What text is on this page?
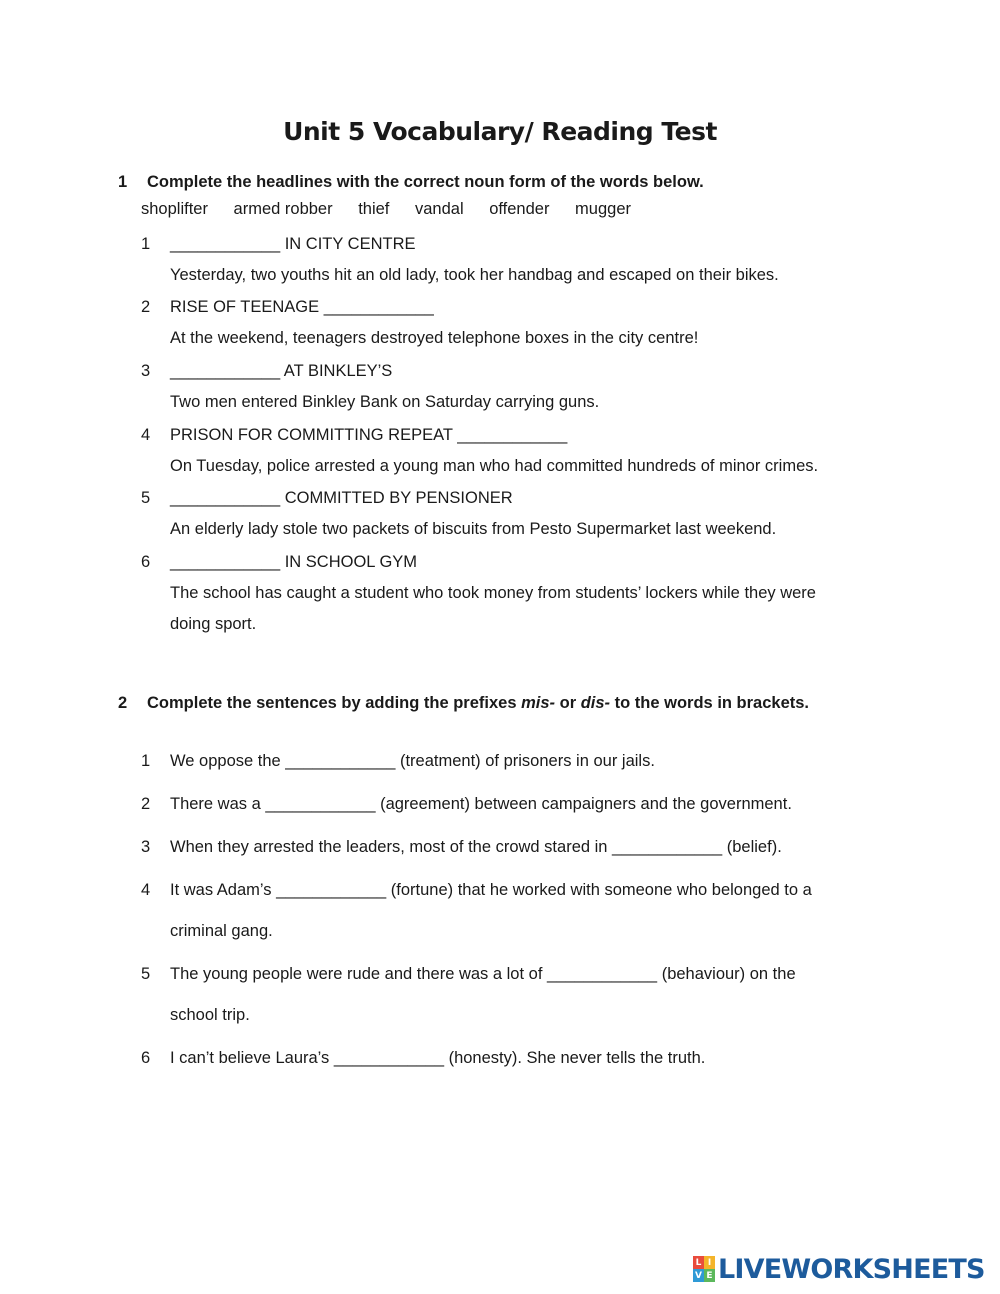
Unit 5 Vocabulary/ Reading Test
1 Complete the headlines with the correct noun form of the words below.
shoplifter armed robber thief vandal offender mugger
1 ____________ IN CITY CENTRE
Yesterday, two youths hit an old lady, took her handbag and escaped on their bikes.
2 RISE OF TEENAGE ____________
At the weekend, teenagers destroyed telephone boxes in the city centre!
3 ____________ AT BINKLEY’S
Two men entered Binkley Bank on Saturday carrying guns.
4 PRISON FOR COMMITTING REPEAT ____________
On Tuesday, police arrested a young man who had committed hundreds of minor crimes.
5 ____________ COMMITTED BY PENSIONER
An elderly lady stole two packets of biscuits from Pesto Supermarket last weekend.
6 ____________ IN SCHOOL GYM
The school has caught a student who took money from students’ lockers while they were
doing sport.
2 Complete the sentences by adding the prefixes mis- or dis- to the words in brackets.
1 We oppose the ____________ (treatment) of prisoners in our jails.
2 There was a ____________ (agreement) between campaigners and the government.
3 When they arrested the leaders, most of the crowd stared in ____________ (belief).
4 It was Adam’s ____________ (fortune) that he worked with someone who belonged to a
criminal gang.
5 The young people were rude and there was a lot of ____________ (behaviour) on the
school trip.
6 I can’t believe Laura’s ____________ (honesty). She never tells the truth.
L I
V E LIVEWORKSHEETS
